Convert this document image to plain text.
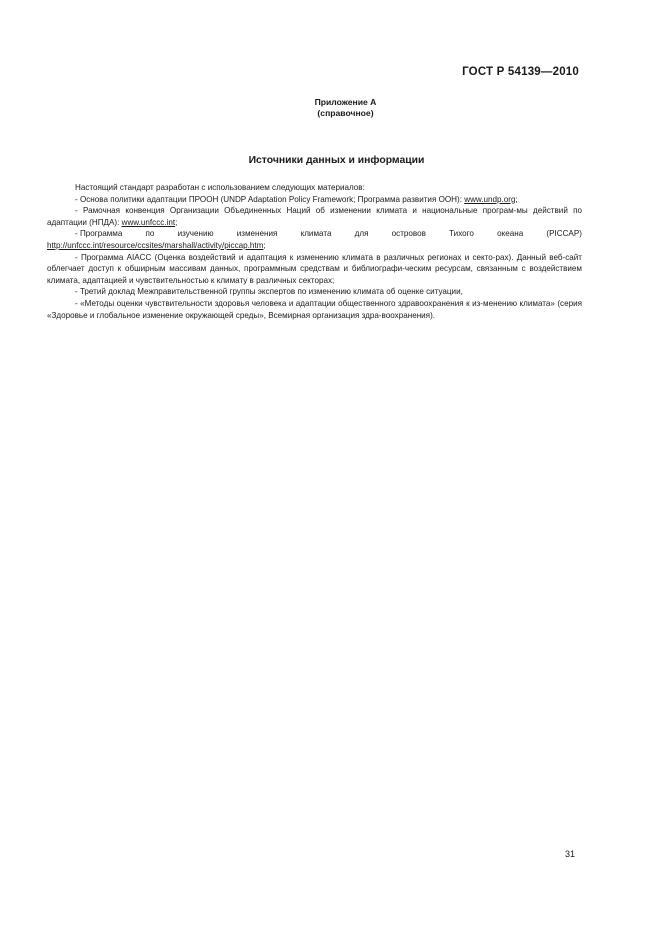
ГОСТ Р 54139—2010
Приложение А
(справочное)
Источники данных и информации

Настоящий стандарт разработан с использованием следующих материалов:

- Основа политики адаптации ПРООН (UNDP Adaptation Policy Framework; Программа развития ООН): www.undp.org;

- Рамочная конвенция Организации Объединенных Наций об изменении климата и национальные програм-мы действий по адаптации (НПДА): www.unfccc.int;

- Программа	по	изучению	изменения	климата	для	островов	Тихого	океана	(PICCAP)
http://unfccc.int/resource/ccsites/marshall/activity/piccap.htm;

- Программа AIACC (Оценка воздействий и адаптация к изменению климата в различных регионах и секто-рах). Данный веб-сайт облегчает доступ к обширным массивам данных, программным средствам и библиографи-ческим ресурсам, связанным с воздействием климата, адаптацией и чувствительностью к климату в различных секторах;

- Третий доклад Межправительственной группы экспертов по изменению климата об оценке ситуации,

- «Методы оценки чувствительности здоровья человека и адаптации общественного здравоохранения к из-менению климата» (серия «Здоровье и глобальное изменение окружающей среды», Всемирная организация здра-воохранения).

31
